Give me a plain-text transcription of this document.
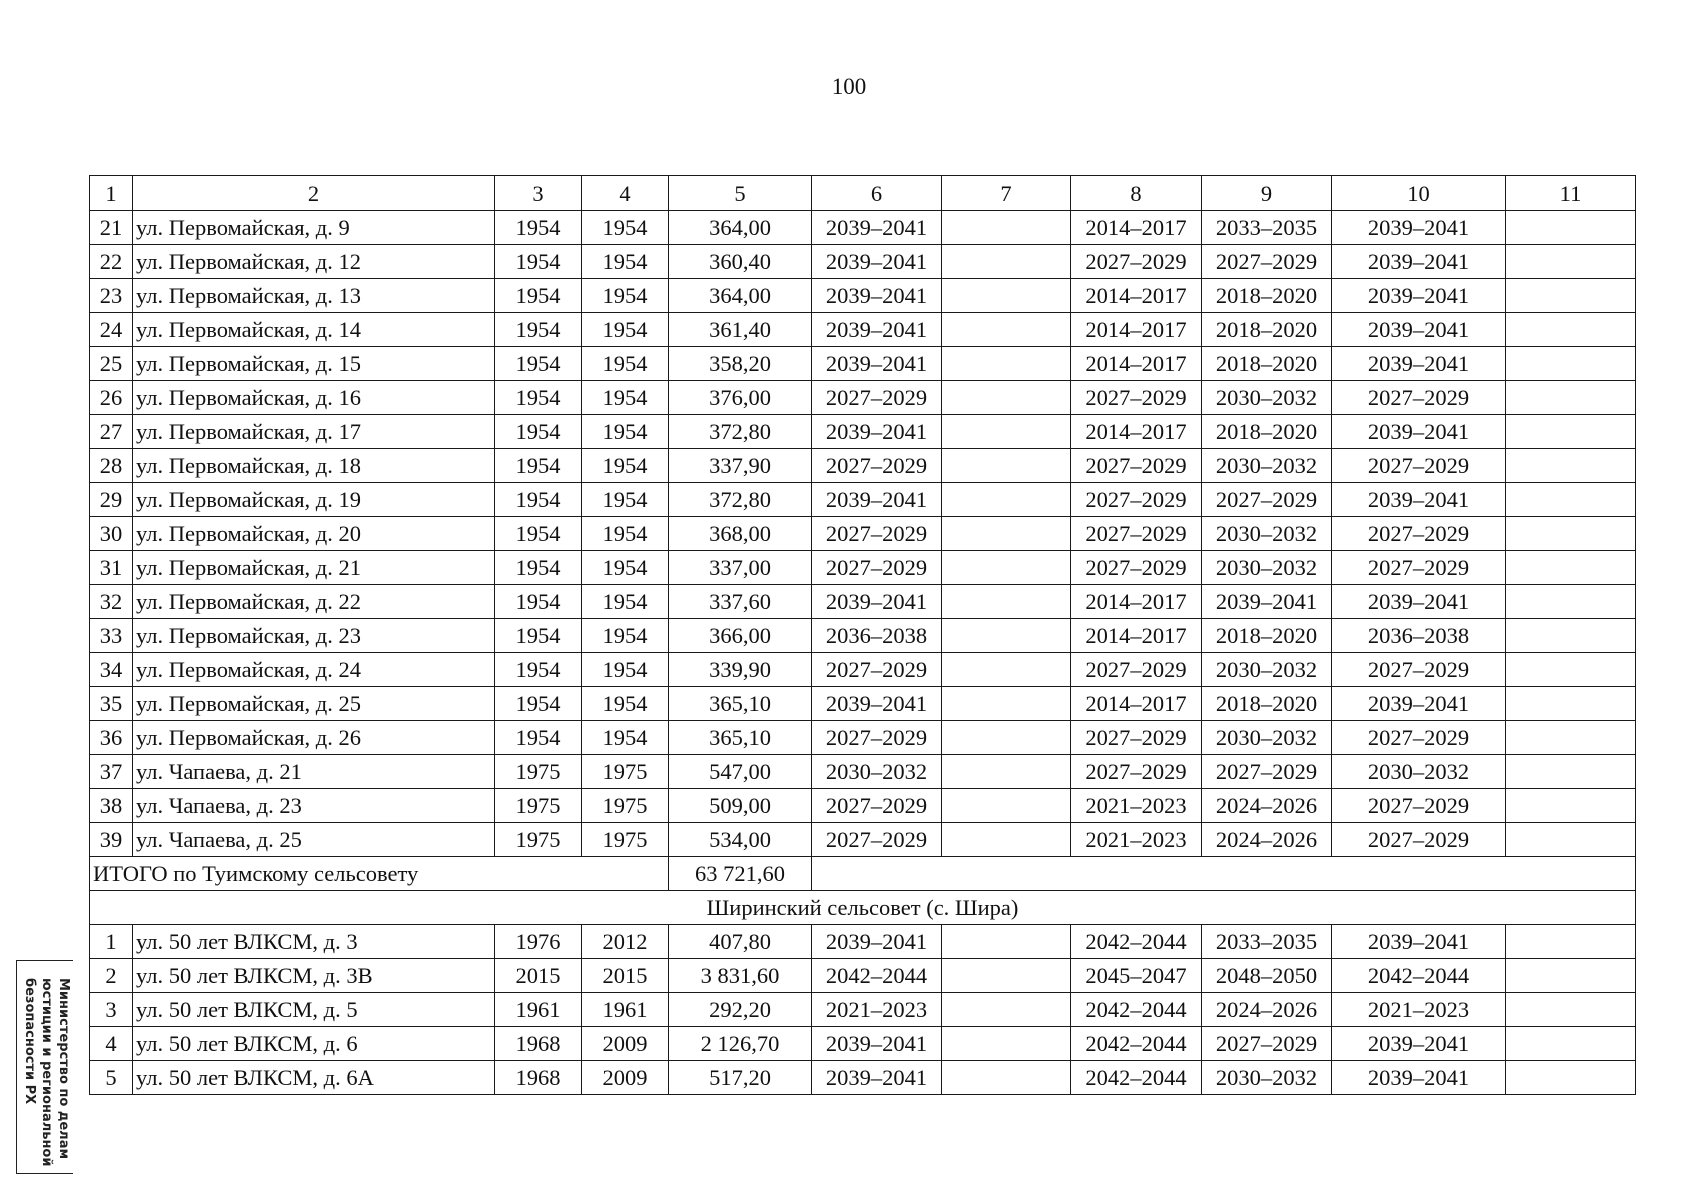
100
1	2	3	4	5	6	7	8	9	10	11
21	ул. Первомайская, д. 9	1954	1954	364,00	2039–2041		2014–2017	2033–2035	2039–2041	
22	ул. Первомайская, д. 12	1954	1954	360,40	2039–2041		2027–2029	2027–2029	2039–2041	
23	ул. Первомайская, д. 13	1954	1954	364,00	2039–2041		2014–2017	2018–2020	2039–2041	
24	ул. Первомайская, д. 14	1954	1954	361,40	2039–2041		2014–2017	2018–2020	2039–2041	
25	ул. Первомайская, д. 15	1954	1954	358,20	2039–2041		2014–2017	2018–2020	2039–2041	
26	ул. Первомайская, д. 16	1954	1954	376,00	2027–2029		2027–2029	2030–2032	2027–2029	
27	ул. Первомайская, д. 17	1954	1954	372,80	2039–2041		2014–2017	2018–2020	2039–2041	
28	ул. Первомайская, д. 18	1954	1954	337,90	2027–2029		2027–2029	2030–2032	2027–2029	
29	ул. Первомайская, д. 19	1954	1954	372,80	2039–2041		2027–2029	2027–2029	2039–2041	
30	ул. Первомайская, д. 20	1954	1954	368,00	2027–2029		2027–2029	2030–2032	2027–2029	
31	ул. Первомайская, д. 21	1954	1954	337,00	2027–2029		2027–2029	2030–2032	2027–2029	
32	ул. Первомайская, д. 22	1954	1954	337,60	2039–2041		2014–2017	2039–2041	2039–2041	
33	ул. Первомайская, д. 23	1954	1954	366,00	2036–2038		2014–2017	2018–2020	2036–2038	
34	ул. Первомайская, д. 24	1954	1954	339,90	2027–2029		2027–2029	2030–2032	2027–2029	
35	ул. Первомайская, д. 25	1954	1954	365,10	2039–2041		2014–2017	2018–2020	2039–2041	
36	ул. Первомайская, д. 26	1954	1954	365,10	2027–2029		2027–2029	2030–2032	2027–2029	
37	ул. Чапаева, д. 21	1975	1975	547,00	2030–2032		2027–2029	2027–2029	2030–2032	
38	ул. Чапаева, д. 23	1975	1975	509,00	2027–2029		2021–2023	2024–2026	2027–2029	
39	ул. Чапаева, д. 25	1975	1975	534,00	2027–2029		2021–2023	2024–2026	2027–2029	
ИТОГО по Туимскому сельсовету				63 721,60						
Ширинский сельсовет (с. Шира)										
1	ул. 50 лет ВЛКСМ, д. 3	1976	2012	407,80	2039–2041		2042–2044	2033–2035	2039–2041	
2	ул. 50 лет ВЛКСМ, д. 3В	2015	2015	3 831,60	2042–2044		2045–2047	2048–2050	2042–2044	
3	ул. 50 лет ВЛКСМ, д. 5	1961	1961	292,20	2021–2023		2042–2044	2024–2026	2021–2023	
4	ул. 50 лет ВЛКСМ, д. 6	1968	2009	2 126,70	2039–2041		2042–2044	2027–2029	2039–2041	
5	ул. 50 лет ВЛКСМ, д. 6А	1968	2009	517,20	2039–2041		2042–2044	2030–2032	2039–2041	
Министерство по делам
юстиции и региональной
безопасности РХ
